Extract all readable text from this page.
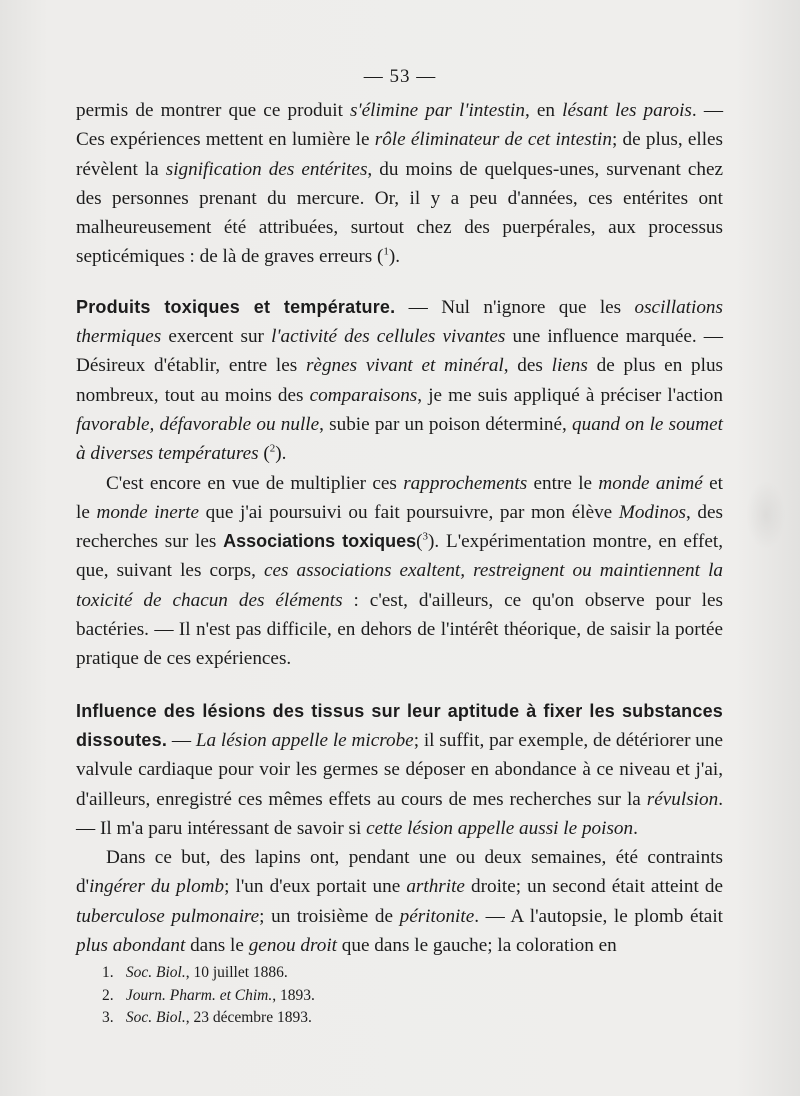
— 53 —

permis de montrer que ce produit s'élimine par l'intestin, en lésant les parois. — Ces expériences mettent en lumière le rôle éliminateur de cet intestin; de plus, elles révèlent la signification des entérites, du moins de quelques-unes, survenant chez des personnes prenant du mercure. Or, il y a peu d'années, ces entérites ont malheureusement été attribuées, surtout chez des puerpérales, aux processus septicémiques : de là de graves erreurs ($^1$).

Produits toxiques et température. — Nul n'ignore que les oscillations thermiques exercent sur l'activité des cellules vivantes une influence marquée. — Désireux d'établir, entre les règnes vivant et minéral, des liens de plus en plus nombreux, tout au moins des comparaisons, je me suis appliqué à préciser l'action favorable, défavorable ou nulle, subie par un poison déterminé, quand on le soumet à diverses températures ($^2$).

C'est encore en vue de multiplier ces rapprochements entre le monde animé et le monde inerte que j'ai poursuivi ou fait poursuivre, par mon élève Modinos, des recherches sur les Associations toxiques($^3$). L'expérimentation montre, en effet, que, suivant les corps, ces associations exaltent, restreignent ou maintiennent la toxicité de chacun des éléments : c'est, d'ailleurs, ce qu'on observe pour les bactéries. — Il n'est pas difficile, en dehors de l'intérêt théorique, de saisir la portée pratique de ces expériences.

Influence des lésions des tissus sur leur aptitude à fixer les substances dissoutes. — La lésion appelle le microbe; il suffit, par exemple, de détériorer une valvule cardiaque pour voir les germes se déposer en abondance à ce niveau et j'ai, d'ailleurs, enregistré ces mêmes effets au cours de mes recherches sur la révulsion. — Il m'a paru intéressant de savoir si cette lésion appelle aussi le poison.

Dans ce but, des lapins ont, pendant une ou deux semaines, été contraints d'ingérer du plomb; l'un d'eux portait une arthrite droite; un second était atteint de tuberculose pulmonaire; un troisième de péritonite. — A l'autopsie, le plomb était plus abondant dans le genou droit que dans le gauche; la coloration en

1. Soc. Biol., 10 juillet 1886.
2. Journ. Pharm. et Chim., 1893.
3. Soc. Biol., 23 décembre 1893.
